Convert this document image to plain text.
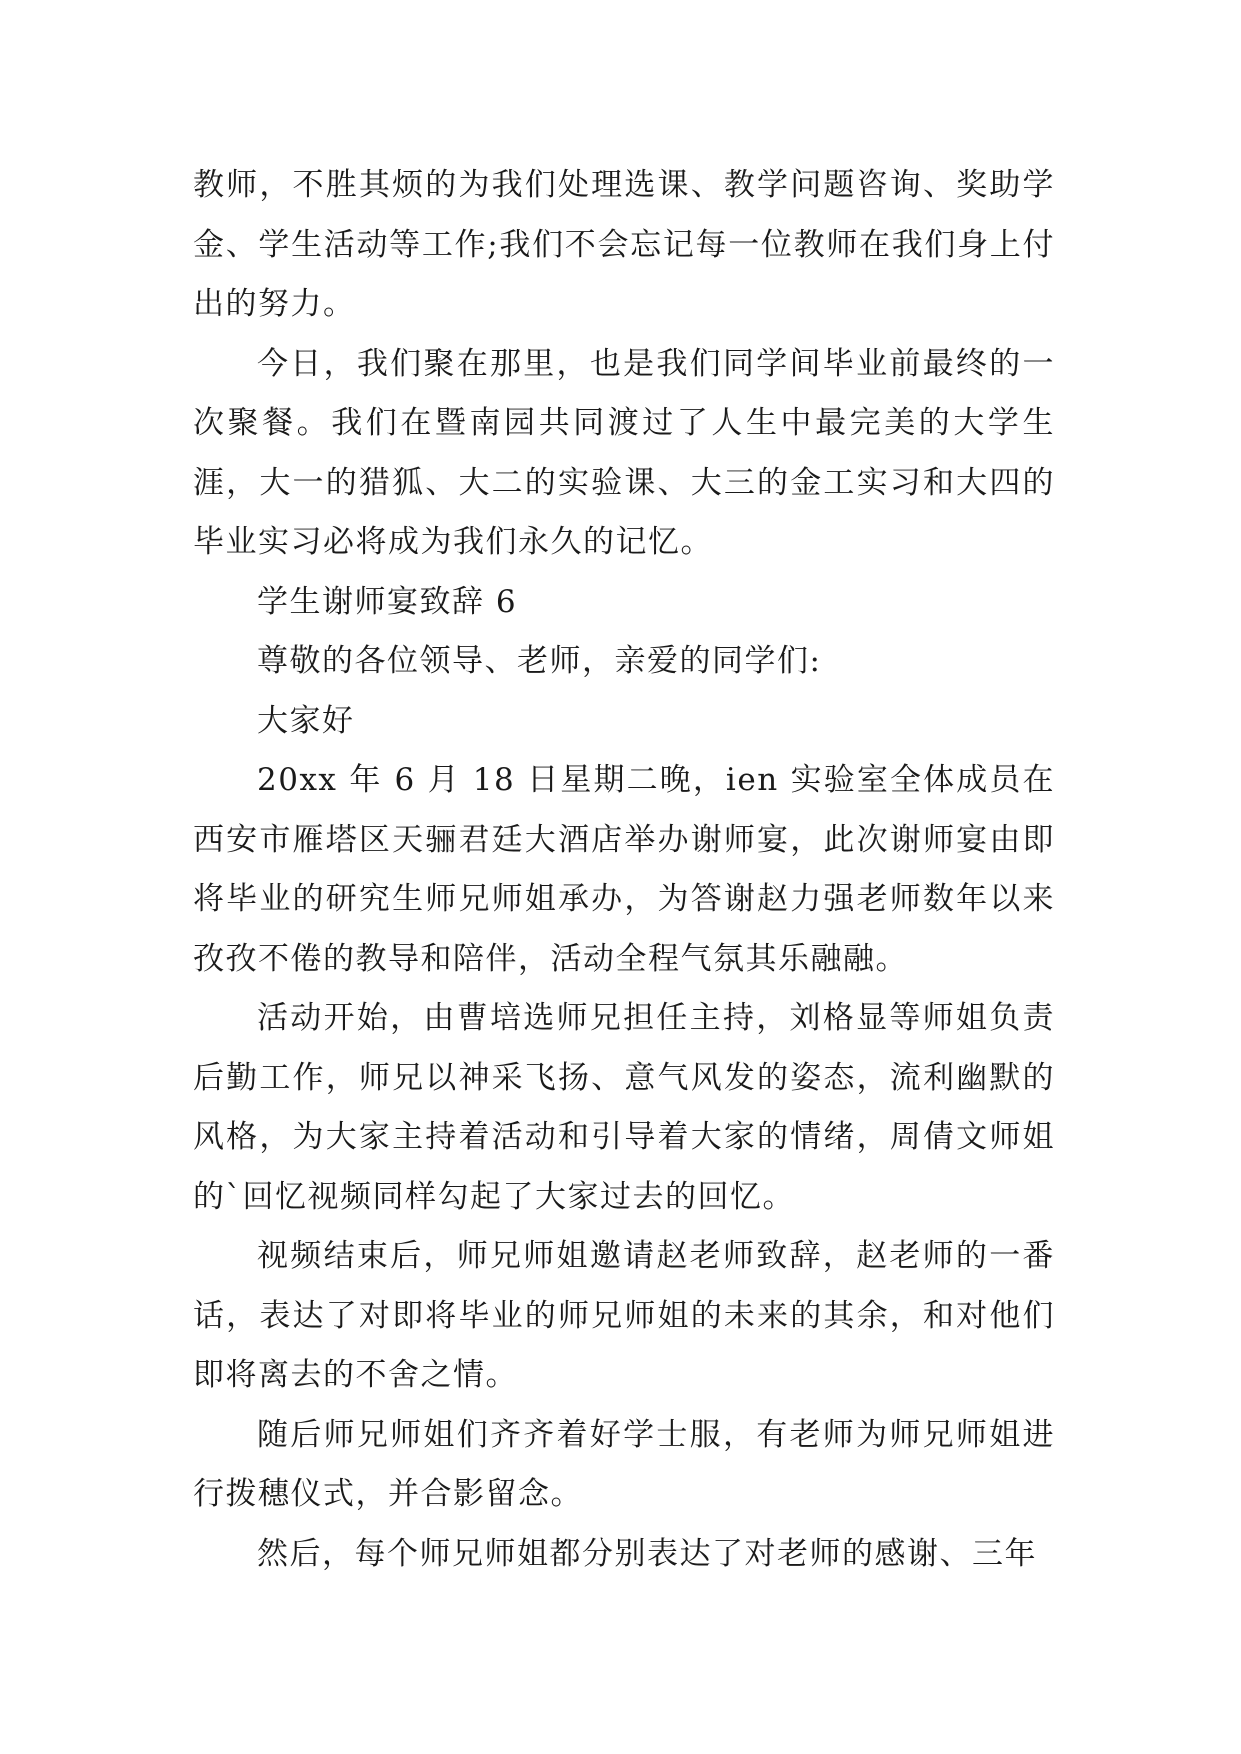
教师，不胜其烦的为我们处理选课、教学问题咨询、奖助学金、学生活动等工作;我们不会忘记每一位教师在我们身上付出的努力。

今日，我们聚在那里，也是我们同学间毕业前最终的一次聚餐。我们在暨南园共同渡过了人生中最完美的大学生涯，大一的猎狐、大二的实验课、大三的金工实习和大四的毕业实习必将成为我们永久的记忆。

学生谢师宴致辞 6

尊敬的各位领导、老师，亲爱的同学们:

大家好

20xx 年 6 月 18 日星期二晚，ien 实验室全体成员在西安市雁塔区天骊君廷大酒店举办谢师宴，此次谢师宴由即将毕业的研究生师兄师姐承办，为答谢赵力强老师数年以来孜孜不倦的教导和陪伴，活动全程气氛其乐融融。

活动开始，由曹培选师兄担任主持，刘格显等师姐负责后勤工作，师兄以神采飞扬、意气风发的姿态，流利幽默的风格，为大家主持着活动和引导着大家的情绪，周倩文师姐的`回忆视频同样勾起了大家过去的回忆。

视频结束后，师兄师姐邀请赵老师致辞，赵老师的一番话，表达了对即将毕业的师兄师姐的未来的其余，和对他们即将离去的不舍之情。

随后师兄师姐们齐齐着好学士服，有老师为师兄师姐进行拨穗仪式，并合影留念。

然后，每个师兄师姐都分别表达了对老师的感谢、三年
